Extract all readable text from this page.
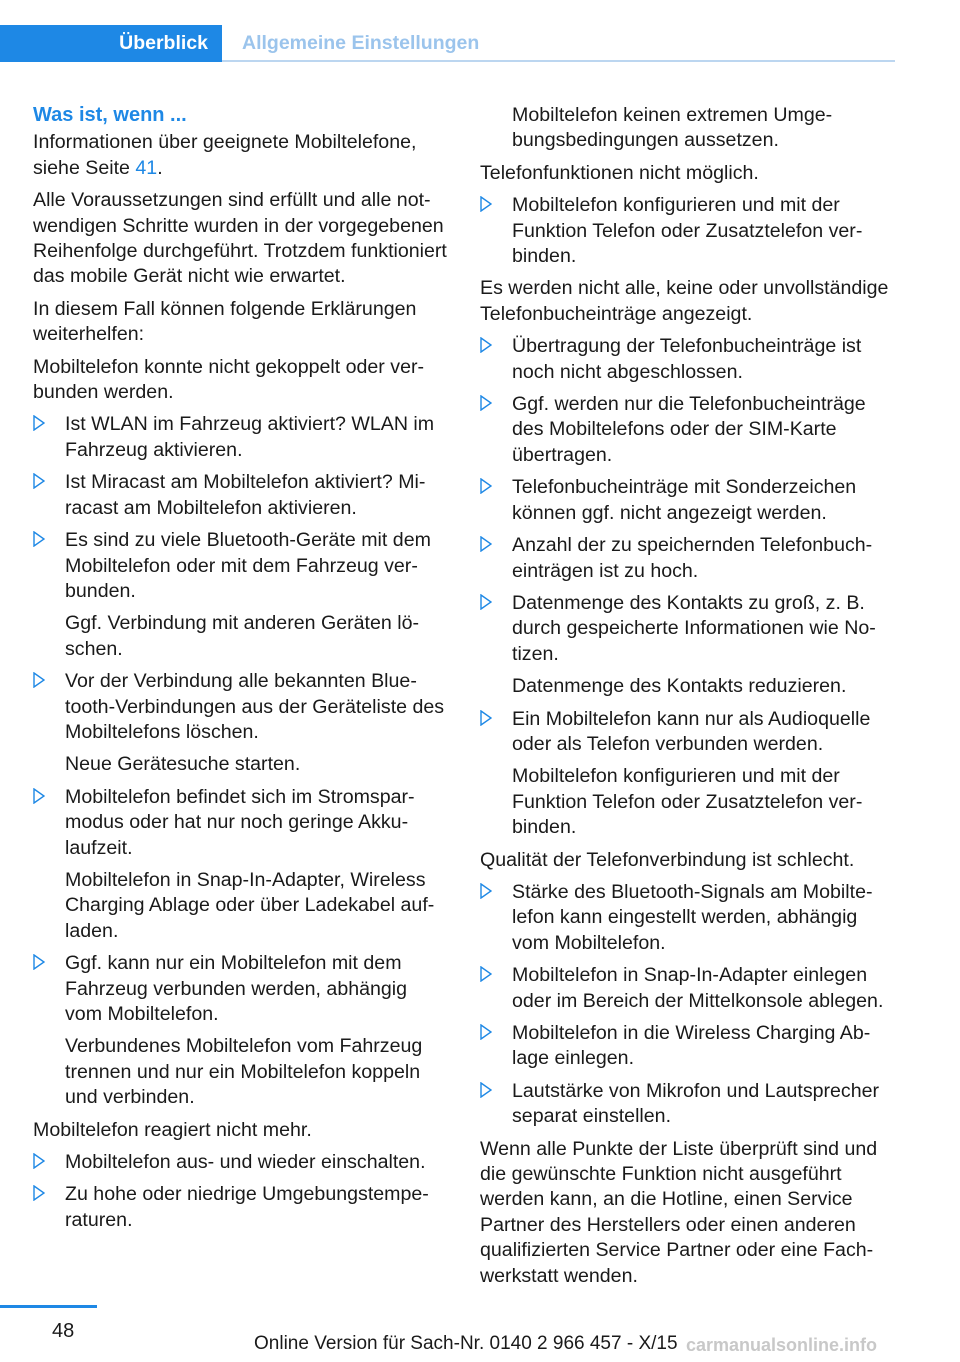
Überblick	Allgemeine Einstellungen

Was ist, wenn ...

Informationen über geeignete Mobiltelefone, siehe Seite 41.

Alle Voraussetzungen sind erfüllt und alle notwendigen Schritte wurden in der vorgegebenen Reihenfolge durchgeführt. Trotzdem funktioniert das mobile Gerät nicht wie erwartet.

In diesem Fall können folgende Erklärungen weiterhelfen:

Mobiltelefon konnte nicht gekoppelt oder verbunden werden.

Ist WLAN im Fahrzeug aktiviert? WLAN im Fahrzeug aktivieren.
Ist Miracast am Mobiltelefon aktiviert? Miracast am Mobiltelefon aktivieren.
Es sind zu viele Bluetooth-Geräte mit dem Mobiltelefon oder mit dem Fahrzeug verbunden.
Ggf. Verbindung mit anderen Geräten löschen.
Vor der Verbindung alle bekannten Bluetooth-Verbindungen aus der Geräteliste des Mobiltelefons löschen.
Neue Gerätesuche starten.
Mobiltelefon befindet sich im Stromsparmodus oder hat nur noch geringe Akkulaufzeit.
Mobiltelefon in Snap-In-Adapter, Wireless Charging Ablage oder über Ladekabel aufladen.
Ggf. kann nur ein Mobiltelefon mit dem Fahrzeug verbunden werden, abhängig vom Mobiltelefon.
Verbundenes Mobiltelefon vom Fahrzeug trennen und nur ein Mobiltelefon koppeln und verbinden.

Mobiltelefon reagiert nicht mehr.

Mobiltelefon aus- und wieder einschalten.
Zu hohe oder niedrige Umgebungstemperaturen.
Mobiltelefon keinen extremen Umgebungsbedingungen aussetzen.

Telefonfunktionen nicht möglich.

Mobiltelefon konfigurieren und mit der Funktion Telefon oder Zusatztelefon verbinden.

Es werden nicht alle, keine oder unvollständige Telefonbucheinträge angezeigt.

Übertragung der Telefonbucheinträge ist noch nicht abgeschlossen.
Ggf. werden nur die Telefonbucheinträge des Mobiltelefons oder der SIM-Karte übertragen.
Telefonbucheinträge mit Sonderzeichen können ggf. nicht angezeigt werden.
Anzahl der zu speichernden Telefonbucheinträgen ist zu hoch.
Datenmenge des Kontakts zu groß, z. B. durch gespeicherte Informationen wie Notizen.
Datenmenge des Kontakts reduzieren.
Ein Mobiltelefon kann nur als Audioquelle oder als Telefon verbunden werden.
Mobiltelefon konfigurieren und mit der Funktion Telefon oder Zusatztelefon verbinden.

Qualität der Telefonverbindung ist schlecht.

Stärke des Bluetooth-Signals am Mobiltelefon kann eingestellt werden, abhängig vom Mobiltelefon.
Mobiltelefon in Snap-In-Adapter einlegen oder im Bereich der Mittelkonsole ablegen.
Mobiltelefon in die Wireless Charging Ablage einlegen.
Lautstärke von Mikrofon und Lautsprecher separat einstellen.

Wenn alle Punkte der Liste überprüft sind und die gewünschte Funktion nicht ausgeführt werden kann, an die Hotline, einen Service Partner des Herstellers oder einen anderen qualifizierten Service Partner oder eine Fachwerkstatt wenden.

48
Online Version für Sach-Nr. 0140 2 966 457 - X/15 carmanualsonline.info
